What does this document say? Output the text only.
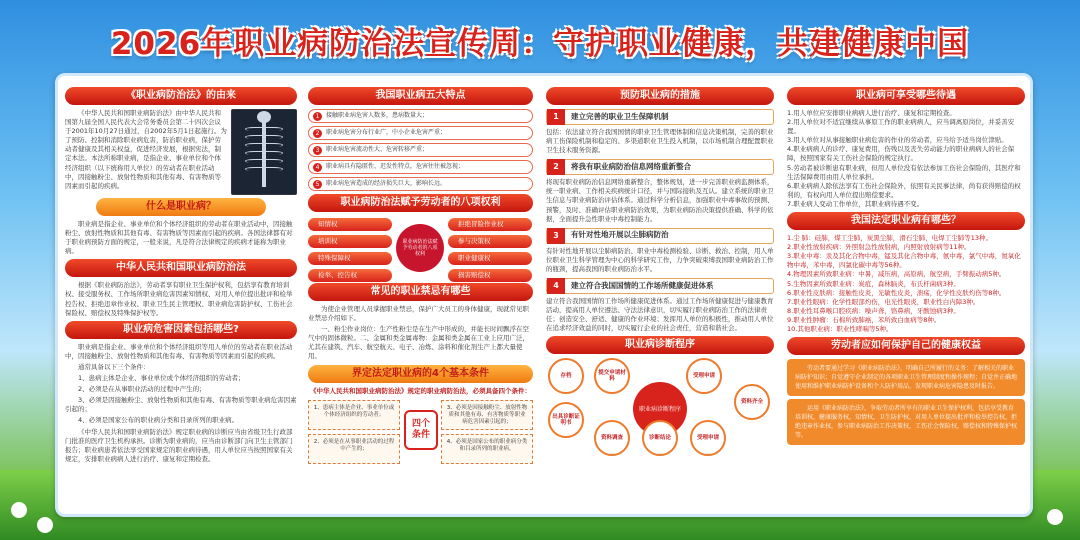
2026年职业病防治法宣传周：守护职业健康，共建健康中国
《职业病防治法》的由来
《中华人民共和国职业病防治法》由中华人民共和国第九届全国人民代表大会常务委员会第二十四次会议于2001年10月27日通过，自2002年5月1日起施行。为了预防、控制和消除职业病危害，防治职业病，保护劳动者健康及其相关权益，促进经济发展，根据宪法，制定本法。本法所称职业病，是指企业、事业单位和个体经济组织（以下统称用人单位）的劳动者在职业活动中，因接触粉尘、放射性物质和其他有毒、有害物质等因素而引起的疾病。
什么是职业病？
职业病是指企业、事业单位和个体经济组织的劳动者在职业活动中，因接触粉尘、放射性物质和其他有毒、有害物质等因素而引起的疾病。各国法律都有对于职业病预防方面的规定，一般来说，凡是符合法律规定的疾病才能称为职业病。
中华人民共和国职业病防治法
根据《职业病防治法》，劳动者享有职业卫生保护权利，包括享有教育培训权、接受服务权、工作场所职业病危害因素知情权、对用人单位提出批评和检举控告权、拒绝违章作业权、职业卫生民主管理权、职业病危害防护权、工伤社会保险权、赔偿权及特殊保护权等。
职业病危害因素包括哪些?
职业病是指企业、事业单位和个体经济组织等用人单位的劳动者在职业活动中，因接触粉尘、放射性物质和其他有毒、有害物质等因素而引起的疾病。
通常具备以下三个条件：
1、患病主体是企业、事业单位或个体经济组织的劳动者；
2、必须是在从事职业活动的过程中产生的；
3、必须是因接触粉尘、放射性物质和其他有毒、有害物质等职业病危害因素引起的；
4、必须是国家公布的职业病分类和目录所列的职业病。
《中华人民共和国职业病防治法》规定职业病的诊断应当由省级卫生行政部门批准的医疗卫生机构承担。诊断为职业病的，应当由诊断部门向卫生主管部门报告；职业病患者依法享受国家规定的职业病待遇，用人单位应当按照国家有关规定，安排职业病病人进行治疗、康复和定期检查。
我国职业病五大特点
1	接触职业病危害人数多，患病数量大；
2	职业病危害分布行业广，中小企业危害严重；
3	职业病危害流动性大、危害转移严重；
4	职业病具有隐匿性、迟发性特点，危害往往被忽视；
5	职业病危害造成的经济损失巨大，影响长远。
职业病防治法赋予劳动者的八项权利
知情权	拒绝冒险作业权
培训权	参与决策权
特殊保障权	职业健康权
检举、控告权	损害赔偿权
职业病防治法赋予劳动者的八项权利
常见的职业禁忌有哪些
为使企业管理人员掌握职业禁忌，保护广大员工的身体健康，现就常见职业禁忌介绍如下。
一、粉尘作业岗位：生产性粉尘是在生产中形成的，并能长时间飘浮在空气中的固体微粒。二、金属和类金属毒物：金属和类金属在工业上应用广泛，尤其在建筑、汽车、航空航天、电子、冶炼、涂料和催化剂生产上都大量使用。
界定法定职业病的4个基本条件
《中华人民共和国职业病防治法》规定的职业病防治法，必须具备四个条件：
1、患病主体是企业、事业单位或个体经济组织的劳动者；
3、必须是因接触粉尘、放射性物质和其他有毒、有害物质等职业病危害因素引起的；
2、必须是在从事职业活动的过程中产生的；
4、必须是国家公布的职业病分类和目录所列的职业病。
四个条件
预防职业病的措施
1	建立完善的职业卫生保障机制
包括：依法建立符合我国国情的职业卫生管理体制和信息决策机制，完善的职业病工伤保险机制和稳定的、多渠道职业卫生投入机制，以市场机制合理配置职业卫生技术服务资源。
2	将我有职业病防治信息网络重新整合
将现有职业病防治信息网络重新整合，整体规划，进一步完善职业病监测体系，统一职业病、工作相关疾病统计口径，并与国际接轨及互认。建立系统的职业卫生信息与职业病防治评估体系。通过科学分析信息，加强职业中毒事故的预测、预警，及时、准确评估职业病防治效果，为职业病防治决策提供准确、科学的依据，全面提升急性职业中毒控制能力。
3	有针对性地开展以尘肺病防治
有针对性地开展以尘肺病防治、职业中毒检测检验、诊断、救治、控制，用人单位职业卫生科学管理为中心的科学研究工作，力争突破束缚我国职业病防治工作的瓶颈，提高我国的职业病防治水平。
4	建立符合我国国情的工作场所健康促进体系
建立符合我国国情的工作场所健康促进体系。通过工作场所健康促进与健康教育活动，提高用人单位遵法、守法法律意识，切实履行职业病防治工作的法律责任；创造安全、舒适、健康的作业环境；发挥用人单位的积极性，推动用人单位在追求经济效益的同时，切实履行企业的社会责任，营造和谐社会。
职业病诊断程序
职业病诊断程序
存档
提交申请材料
受理申请
资料齐全
出具诊断证明书
资料调查	诊断结论	受理申请
职业病可享受哪些待遇
1.用人单位应安排职业病病人进行治疗、康复和定期检查。
2.用人单位对不适宜继续从事原工作的职业病病人，应当调离原岗位，并妥善安置。
3.用人单位对从事接触职业病危害的作业的劳动者，应当给予适当岗位津贴。
4.职业病病人的诊疗、康复费用，伤残以及丧失劳动能力的职业病病人的社会保障，按照国家有关工伤社会保险的规定执行。
5.劳动者被诊断患有职业病，但用人单位没有依法参加工伤社会保险的，其医疗和生活保障费用由用人单位承担。
6.职业病病人除依法享有工伤社会保险外，依照有关民事法律，尚有获得赔偿的权利的，有权向用人单位提出赔偿要求。
7.职业病人变动工作单位，其职业病待遇不变。
我国法定职业病有哪些？
1.尘 肺：硅肺，煤工尘肺，炭黑尘肺，滑石尘肺，电焊工尘肺等13种。
2.职业性放射疾病：外照射急性放射病，内照射放射病等11种。
3.职业中毒：汞及其化合物中毒，锰及其化合物中毒，氨中毒，氯气中毒，氮氧化物中毒，苯中毒，四氯化碳中毒等56种。
4.物理因素所致职业病：中暑，减压病，高原病，航空病，手臂振动病5种。
5.生物因素所致职业病：炭疽，森林脑炎，布氏杆菌病3种。
6.职业性皮肤病：接触性皮炎，光敏性皮炎，溃疡，化学性皮肤灼伤等8种。
7.职业性眼病：化学性眼部灼伤，电光性眼炎，职业性白内障3种。
8.职业性耳鼻喉口腔疾病：噪声聋，铬鼻病，牙酸蚀病3种。
9.职业性肿瘤：石棉所致肺癌，苯所致白血病等8种。
10.其他职业病：职业性哮喘等5种。
劳动者应如何保护自己的健康权益
劳动者要通过学习《职业病防治法》，明确自己所履行的义务：了解相关的职业病防护知识；自觉遵守企业制定的各项职业卫生管理制度和操作规程；自觉并正确地使用和维护职业病防护设备和个人防护用品，发现职业病危害隐患及时报告。
运用《职业病防治法》，争取劳动者所享有的职业卫生保护权利，包括享受教育培训权，健康服务权，知情权，卫生防护权，对用人单位提出批评和检举控告权，拒绝违章作业权，参与职业病防治工作决策权，工伤社会保险权，赔偿权和特殊保护权等。
